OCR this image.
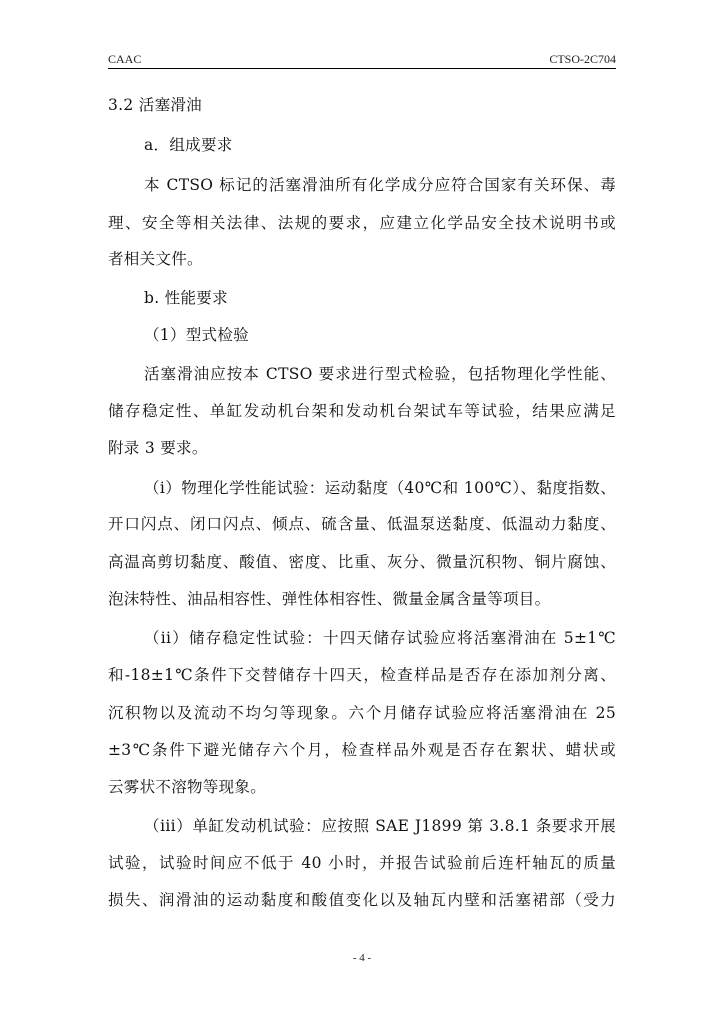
CAAC	CTSO-2C704
3.2 活塞滑油
a．组成要求
本 CTSO 标记的活塞滑油所有化学成分应符合国家有关环保、毒
理、安全等相关法律、法规的要求，应建立化学品安全技术说明书或
者相关文件。
b. 性能要求
（1）型式检验
活塞滑油应按本 CTSO 要求进行型式检验，包括物理化学性能、
储存稳定性、单缸发动机台架和发动机台架试车等试验，结果应满足
附录 3 要求。
（i）物理化学性能试验：运动黏度（40℃和 100℃）、黏度指数、
开口闪点、闭口闪点、倾点、硫含量、低温泵送黏度、低温动力黏度、
高温高剪切黏度、酸值、密度、比重、灰分、微量沉积物、铜片腐蚀、
泡沫特性、油品相容性、弹性体相容性、微量金属含量等项目。
（ii）储存稳定性试验：十四天储存试验应将活塞滑油在 5±1℃
和-18±1℃条件下交替储存十四天，检查样品是否存在添加剂分离、
沉积物以及流动不均匀等现象。六个月储存试验应将活塞滑油在 25
±3℃条件下避光储存六个月，检查样品外观是否存在絮状、蜡状或
云雾状不溶物等现象。
（iii）单缸发动机试验：应按照 SAE J1899 第 3.8.1 条要求开展
试验，试验时间应不低于 40 小时，并报告试验前后连杆轴瓦的质量
损失、润滑油的运动黏度和酸值变化以及轴瓦内壁和活塞裙部（受力
- 4 -
